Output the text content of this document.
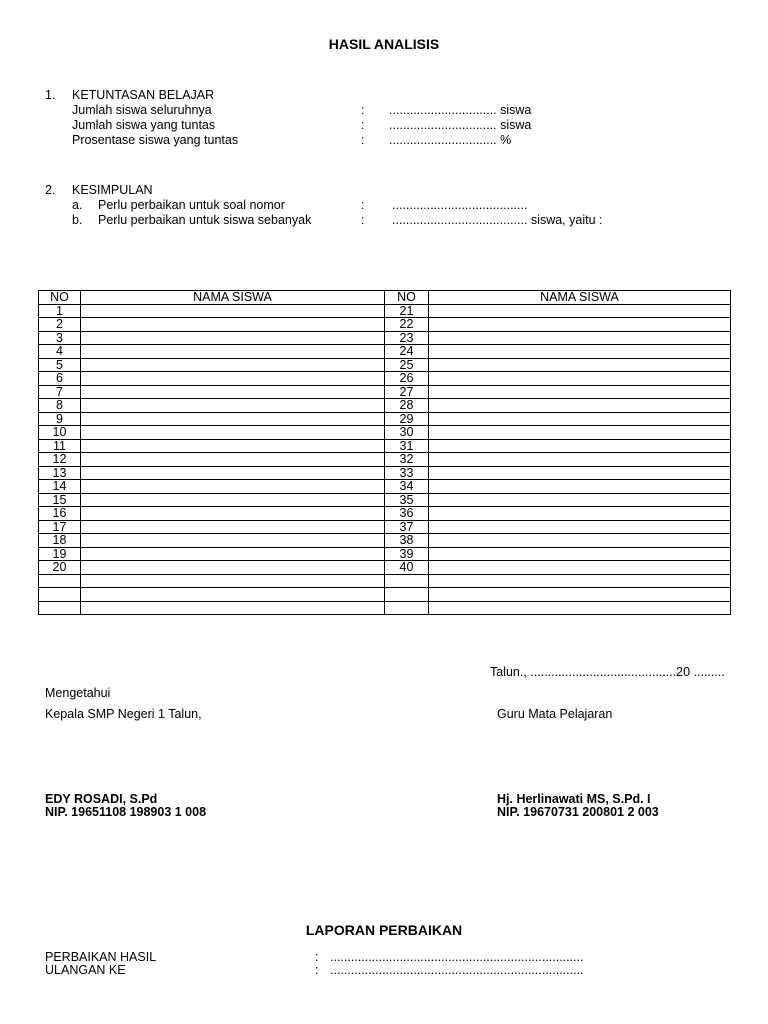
HASIL ANALISIS
1. KETUNTASAN BELAJAR
Jumlah siswa seluruhnya	: ............................... siswa
Jumlah siswa yang tuntas	: ............................... siswa
Prosentase siswa yang tuntas	: ............................... %
2. KESIMPULAN
a. Perlu perbaikan untuk soal nomor	: .......................................
b. Perlu perbaikan untuk siswa sebanyak	: ....................................... siswa, yaitu :
NO	NAMA SISWA	NO	NAMA SISWA
1		21	
2		22	
3		23	
4		24	
5		25	
6		26	
7		27	
8		28	
9		29	
10		30	
11		31	
12		32	
13		33	
14		34	
15		35	
16		36	
17		37	
18		38	
19		39	
20		40	

Talun., ..........................................20 .........
Mengetahui
Kepala SMP Negeri 1 Talun,	Guru Mata Pelajaran
EDY ROSADI, S.Pd
NIP. 19651108 198903 1 008
Hj. Herlinawati MS, S.Pd. I
NIP. 19670731 200801 2 003
LAPORAN PERBAIKAN
PERBAIKAN HASIL	: .........................................................................
ULANGAN KE	: .........................................................................
